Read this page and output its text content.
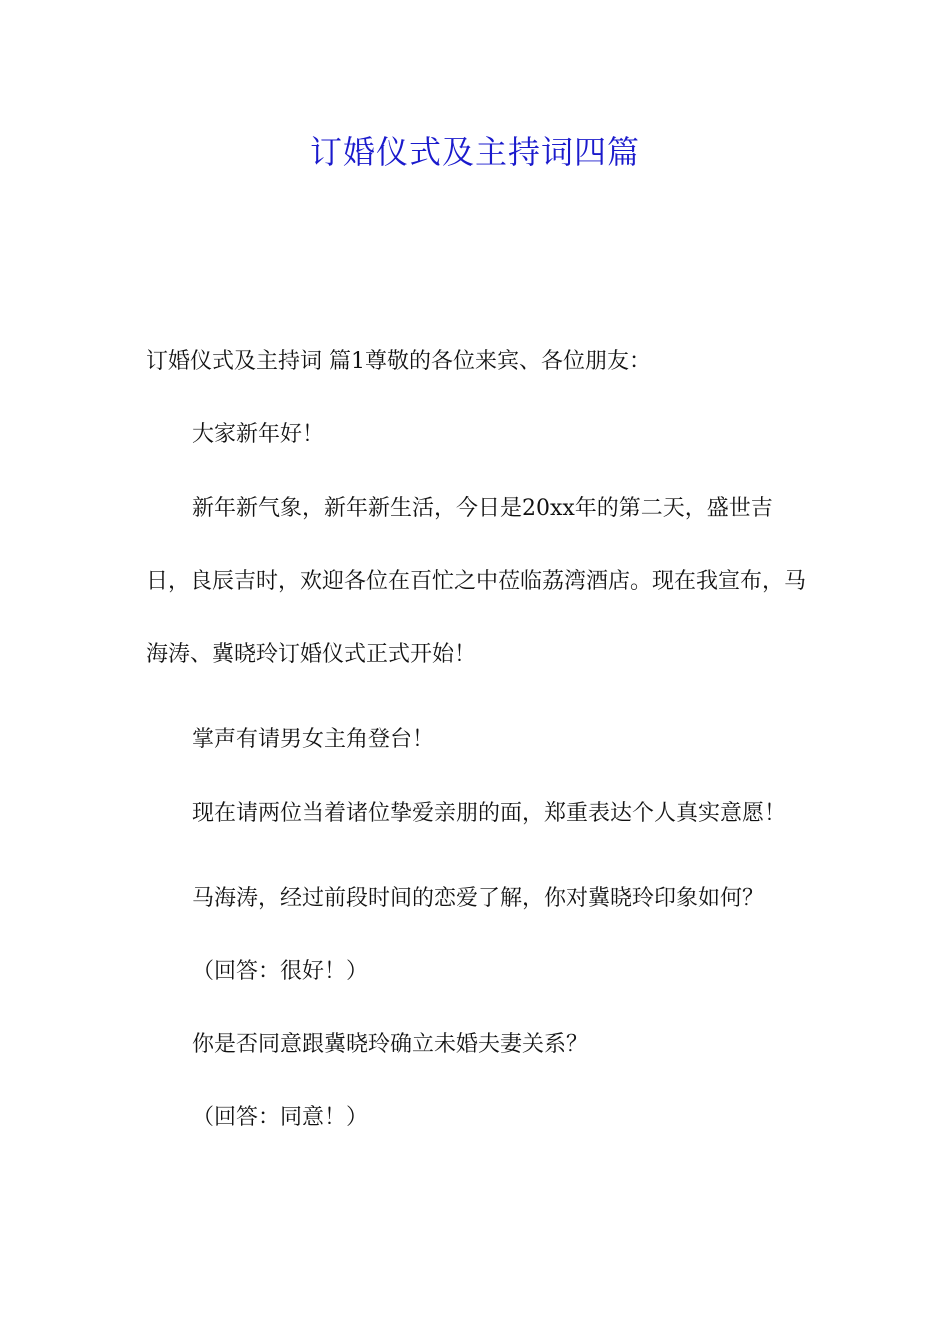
订婚仪式及主持词四篇

订婚仪式及主持词 篇1尊敬的各位来宾、各位朋友：

大家新年好！

新年新气象，新年新生活，今日是20xx年的第二天，盛世吉日，良辰吉时，欢迎各位在百忙之中莅临荔湾酒店。现在我宣布，马海涛、冀晓玲订婚仪式正式开始！

掌声有请男女主角登台！

现在请两位当着诸位挚爱亲朋的面，郑重表达个人真实意愿！

马海涛，经过前段时间的恋爱了解，你对冀晓玲印象如何？

（回答：很好！）

你是否同意跟冀晓玲确立未婚夫妻关系？

（回答：同意！）
